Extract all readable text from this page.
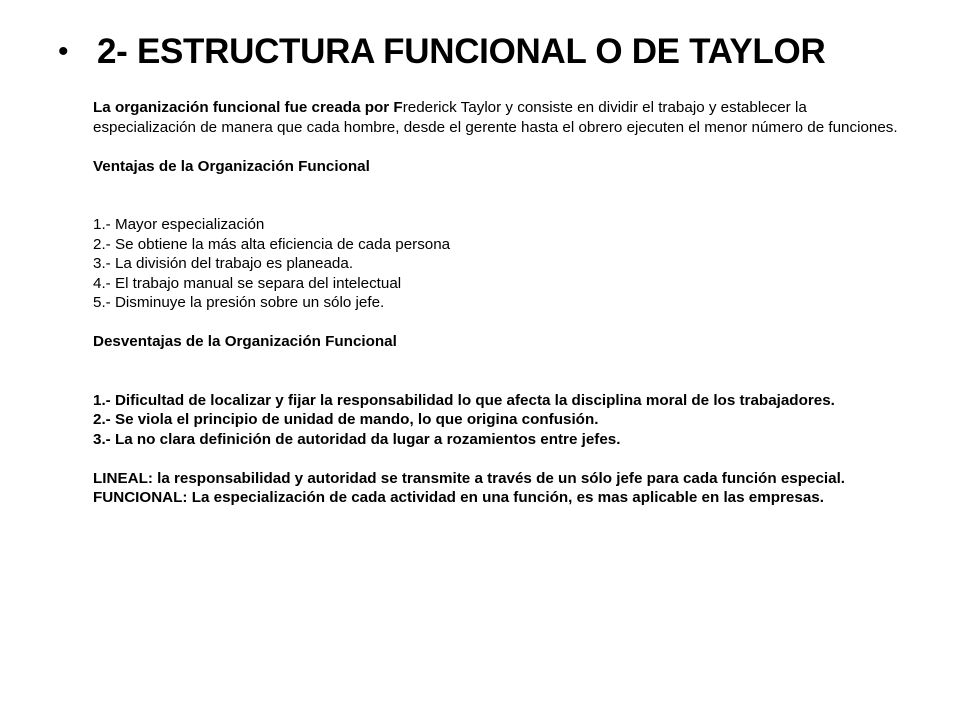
• 2- ESTRUCTURA FUNCIONAL O DE TAYLOR

La organización funcional fue creada por Frederick Taylor y consiste en dividir el trabajo y establecer la especialización de manera que cada hombre, desde el gerente hasta el obrero ejecuten el menor número de funciones.

Ventajas de la Organización Funcional

1.- Mayor especialización
2.- Se obtiene la más alta eficiencia de cada persona
3.- La división del trabajo es planeada.
4.- El trabajo manual se separa del intelectual
5.- Disminuye la presión sobre un sólo jefe.

Desventajas de la Organización Funcional

1.- Dificultad de localizar y fijar la responsabilidad lo que afecta la disciplina moral de los trabajadores.
2.- Se viola el principio de unidad de mando, lo que origina confusión.
3.- La no clara definición de autoridad da lugar a rozamientos entre jefes.

LINEAL: la responsabilidad y autoridad se transmite a través de un sólo jefe para cada función especial.

FUNCIONAL: La especialización de cada actividad en una función, es mas aplicable en las empresas.
